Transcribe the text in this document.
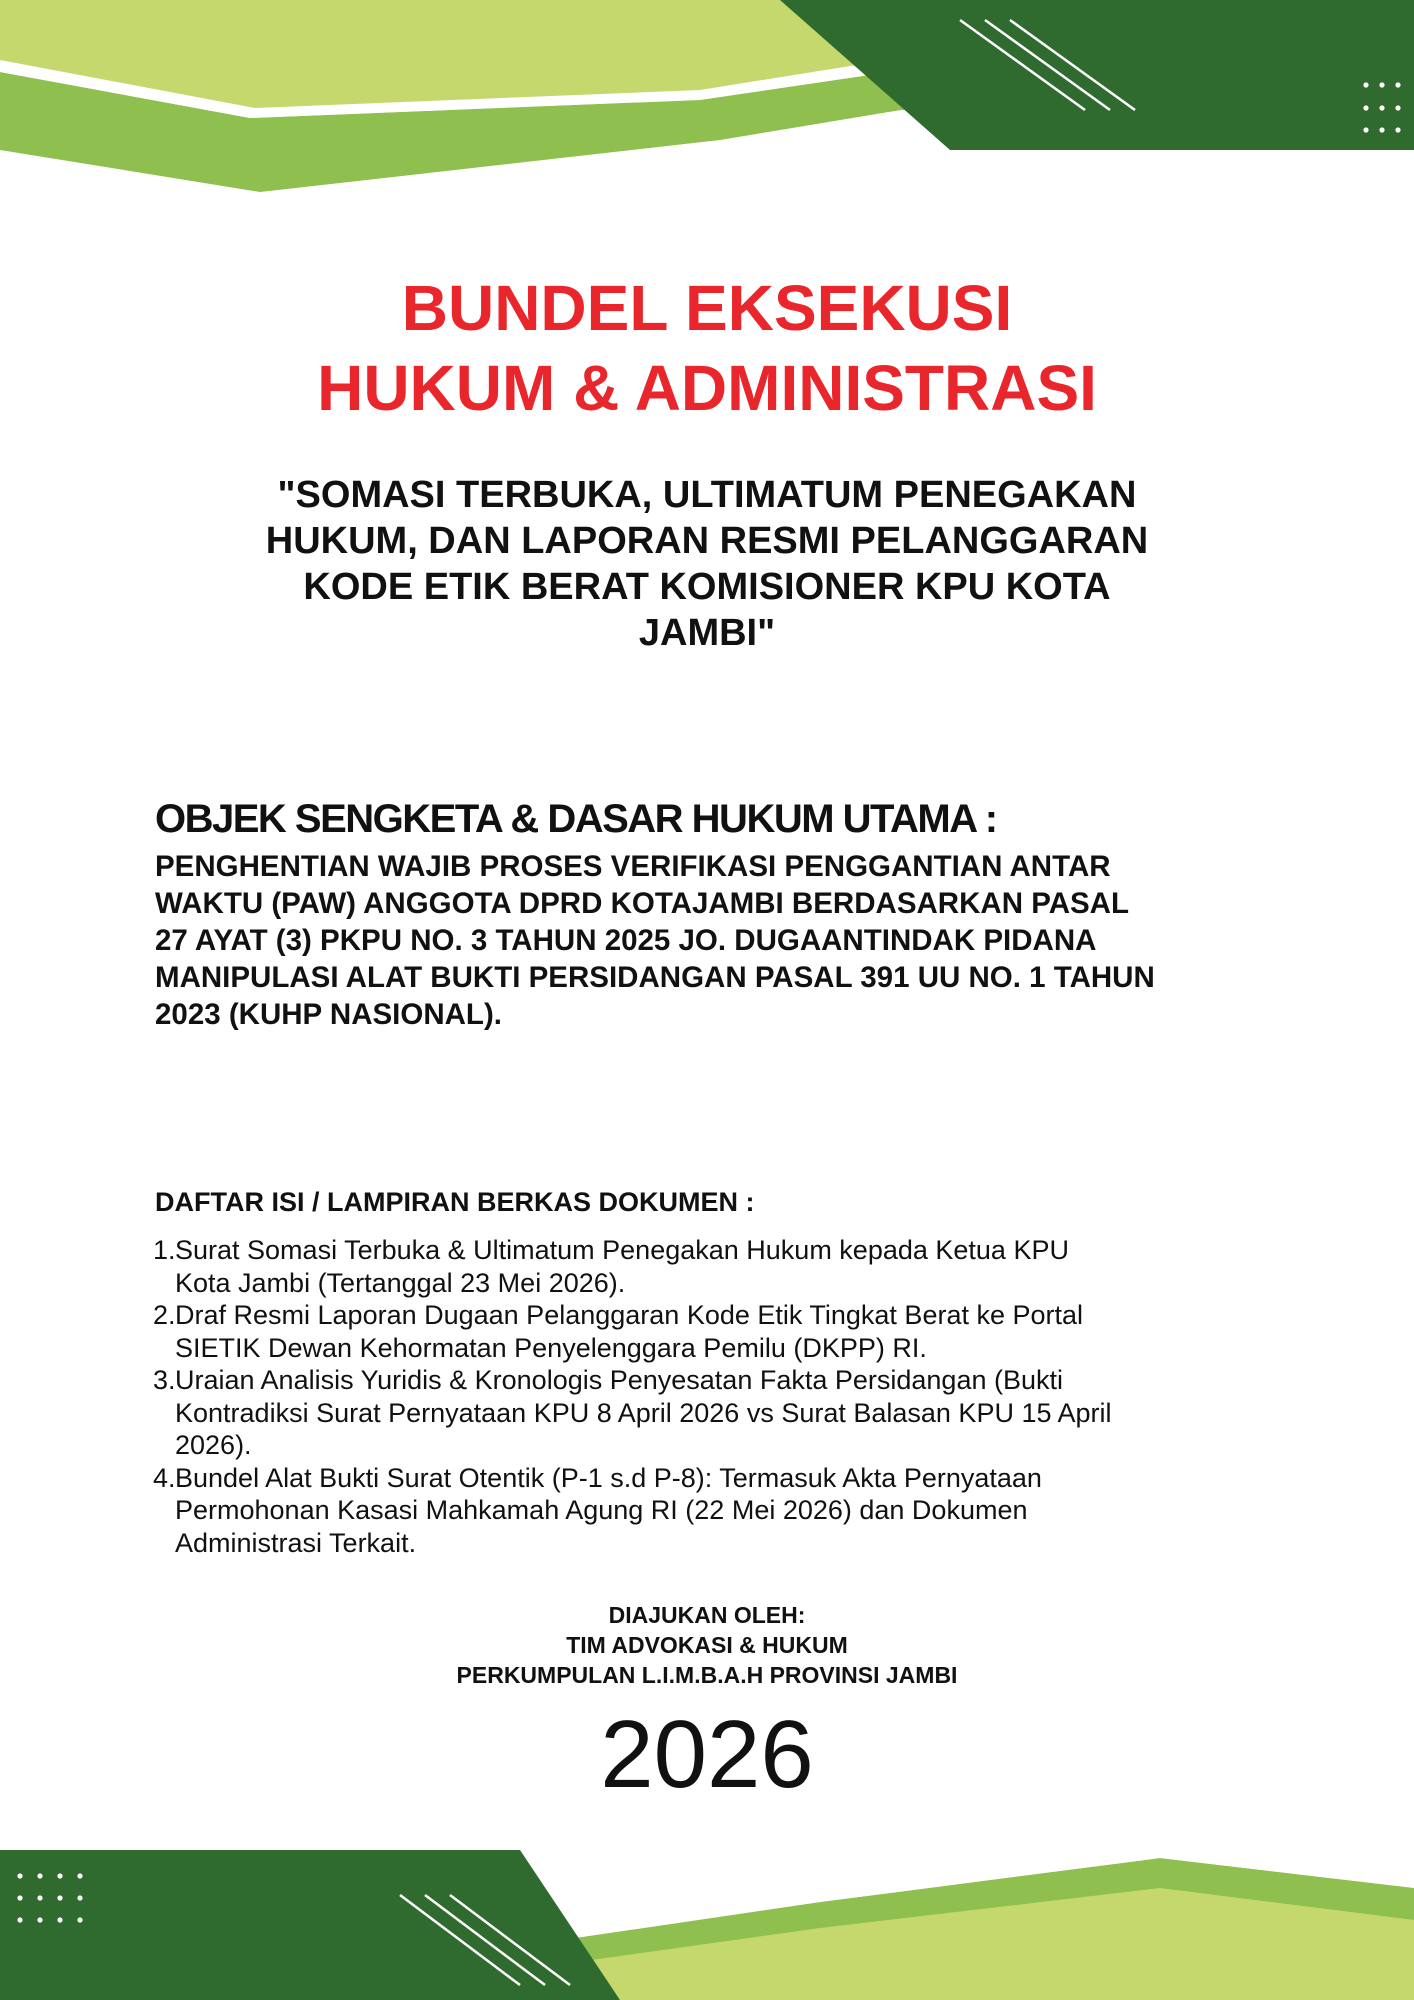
BUNDEL EKSEKUSI
HUKUM & ADMINISTRASI
"SOMASI TERBUKA, ULTIMATUM PENEGAKAN
HUKUM, DAN LAPORAN RESMI PELANGGARAN
KODE ETIK BERAT KOMISIONER KPU KOTA
JAMBI"
OBJEK SENGKETA & DASAR HUKUM UTAMA :
PENGHENTIAN WAJIB PROSES VERIFIKASI PENGGANTIAN ANTAR
WAKTU (PAW) ANGGOTA DPRD KOTAJAMBI BERDASARKAN PASAL
27 AYAT (3) PKPU NO. 3 TAHUN 2025 JO. DUGAANTINDAK PIDANA
MANIPULASI ALAT BUKTI PERSIDANGAN PASAL 391 UU NO. 1 TAHUN
2023 (KUHP NASIONAL).
DAFTAR ISI / LAMPIRAN BERKAS DOKUMEN :
1. Surat Somasi Terbuka & Ultimatum Penegakan Hukum kepada Ketua KPU
Kota Jambi (Tertanggal 23 Mei 2026).
2. Draf Resmi Laporan Dugaan Pelanggaran Kode Etik Tingkat Berat ke Portal
SIETIK Dewan Kehormatan Penyelenggara Pemilu (DKPP) RI.
3. Uraian Analisis Yuridis & Kronologis Penyesatan Fakta Persidangan (Bukti
Kontradiksi Surat Pernyataan KPU 8 April 2026 vs Surat Balasan KPU 15 April
2026).
4. Bundel Alat Bukti Surat Otentik (P-1 s.d P-8): Termasuk Akta Pernyataan
Permohonan Kasasi Mahkamah Agung RI (22 Mei 2026) dan Dokumen
Administrasi Terkait.
DIAJUKAN OLEH:
TIM ADVOKASI & HUKUM
PERKUMPULAN L.I.M.B.A.H PROVINSI JAMBI
2026
